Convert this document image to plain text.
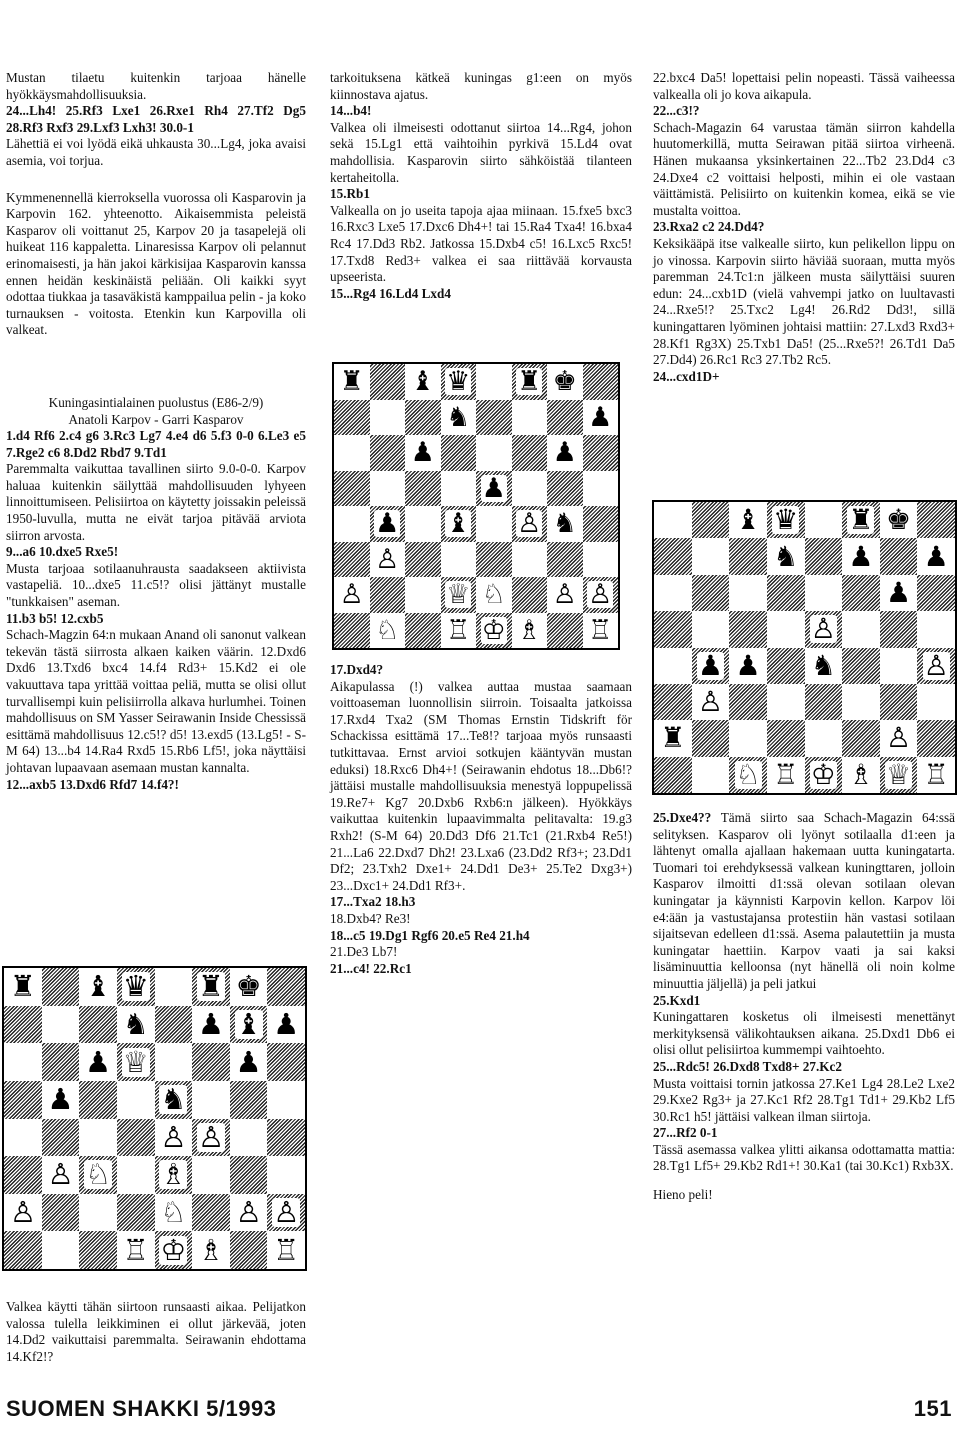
Mustan tilaetu kuitenkin tarjoaa hänelle hyökkäysmahdollisuuksia.

24...Lh4! 25.Rf3 Lxe1 26.Rxe1 Rh4 27.Tf2 Dg5 28.Rf3 Rxf3 29.Lxf3 Lxh3! 30.0-1

Lähettiä ei voi lyödä eikä uhkausta 30...Lg4, joka avaisi asemia, voi torjua.

Kymmenennellä kierroksella vuorossa oli Kasparovin ja Karpovin 162. yhteenotto. Aikaisemmista peleistä Kasparov oli voittanut 25, Karpov 20 ja tasapelejä oli huikeat 116 kappaletta. Linaresissa Karpov oli pelannut erinomaisesti, ja hän jakoi kärkisijaa Kasparovin kanssa ennen heidän keskinäistä peliään. Oli kaikki syyt odottaa tiukkaa ja tasaväkistä kamppailua pelin - ja koko turnauksen - voitosta. Etenkin kun Karpovilla oli valkeat.

Kuningasintialainen puolustus (E86-2/9)

Anatoli Karpov - Garri Kasparov

1.d4 Rf6 2.c4 g6 3.Rc3 Lg7 4.e4 d6 5.f3 0-0 6.Le3 e5 7.Rge2 c6 8.Dd2 Rbd7 9.Td1

Paremmalta vaikuttaa tavallinen siirto 9.0-0-0. Karpov haluaa kuitenkin säilyttää mahdollisuuden lyhyeen linnoittumiseen. Pelisiirtoa on käytetty joissakin peleissä 1950-luvulla, mutta ne eivät tarjoa pitävää arviota siirron arvosta.

9...a6 10.dxe5 Rxe5!

Musta tarjoaa sotilaanuhrausta saadakseen aktiivista vastapeliä. 10...dxe5 11.c5!? olisi jättänyt mustalle "tunkkaisen" aseman.

11.b3 b5! 12.cxb5

Schach-Magzin 64:n mukaan Anand oli sanonut valkean tekevän tästä siirrosta alkaen kaiken väärin. 12.Dxd6 Dxd6 13.Txd6 bxc4 14.f4 Rd3+ 15.Kd2 ei ole vakuuttava tapa yrittää voittaa peliä, mutta se olisi ollut turvallisempi kuin pelisiirrolla alkava hurlumhei. Toinen mahdollisuus on SM Yasser Seirawanin Inside Chessissä esittämä mahdollisuus 12.c5!? d5! 13.exd5 (13.Lg5! - S-M 64) 13...b4 14.Ra4 Rxd5 15.Rb6 Lf5!, joka näyttäisi johtavan lupaavaan asemaan mustan kannalta.

12...axb5 13.Dxd6 Rfd7 14.f4?!

Valkea käytti tähän siirtoon runsaasti aikaa. Pelijatkon valossa tulella leikkiminen ei ollut järkevää, joten 14.Dd2 vaikuttaisi paremmalta. Seirawanin ehdottama 14.Kf2!?

tarkoituksena kätkeä kuningas g1:een on myös kiinnostava ajatus.

14...b4!

Valkea oli ilmeisesti odottanut siirtoa 14...Rg4, johon sekä 15.Lg1 että vaihtoihin pyrkivä 15.Ld4 ovat mahdollisia. Kasparovin siirto sähköistää tilanteen kertaheitolla.

15.Rb1

Valkealla on jo useita tapoja ajaa miinaan. 15.fxe5 bxc3 16.Rxc3 Lxe5 17.Dxc6 Dh4+! tai 15.Ra4 Txa4! 16.bxa4 Rc4 17.Dd3 Rb2. Jatkossa 15.Dxb4 c5! 16.Lxc5 Rxc5! 17.Txd8 Red3+ valkea ei saa riittävää korvausta upseerista.

15...Rg4 16.Ld4 Lxd4

17.Dxd4?

Aikapulassa (!) valkea auttaa mustaa saamaan voittoaseman luonnollisin siirroin. Toisaalta jatkoissa 17.Rxd4 Txa2 (SM Thomas Ernstin Tidskrift för Schackissa esittämä 17...Te8!? tarjoaa myös runsaasti tutkittavaa. Ernst arvioi sotkujen kääntyvän mustan eduksi) 18.Rxc6 Dh4+! (Seirawanin ehdotus 18...Db6!? jättäisi mustalle mahdollisuuksia menestyä loppupelissä 19.Re7+ Kg7 20.Dxb6 Rxb6:n jälkeen). Hyökkäys vaikuttaa kuitenkin lupaavimmalta pelitavalta: 19.g3 Rxh2! (S-M 64) 20.Dd3 Df6 21.Tc1 (21.Rxb4 Re5!) 21...La6 22.Dxd7 Dh2! 23.Lxa6 (23.Dd2 Rf3+; 23.Dd1 Df2; 23.Txh2 Dxe1+ 24.Dd1 De3+ 25.Te2 Dxg3+) 23...Dxc1+ 24.Dd1 Rf3+.

17...Txa2 18.h3

18.Dxb4? Re3!

18...c5 19.Dg1 Rgf6 20.e5 Re4 21.h4

21.De3 Lb7!

21...c4! 22.Rc1

22.bxc4 Da5! lopettaisi pelin nopeasti. Tässä vaiheessa valkealla oli jo kova aikapula.

22...c3!?

Schach-Magazin 64 varustaa tämän siirron kahdella huutomerkillä, mutta Seirawan pitää siirtoa virheenä. Hänen mukaansa yksinkertainen 22...Tb2 23.Dd4 c3 24.Dxe4 c2 voittaisi helposti, mihin ei ole vastaan väittämistä. Pelisiirto on kuitenkin komea, eikä se vie mustalta voittoa.

23.Rxa2 c2 24.Dd4?

Keksikääpä itse valkealle siirto, kun pelikellon lippu on jo vinossa. Karpovin siirto häviää suoraan, mutta myös paremman 24.Tc1:n jälkeen musta säilyttäisi suuren edun: 24...cxb1D (vielä vahvempi jatko on luultavasti 24...Rxe5!? 25.Txc2 Lg4! 26.Rd2 Dd3!, sillä kuningattaren lyöminen johtaisi mattiin: 27.Lxd3 Rxd3+ 28.Kf1 Rg3X) 25.Txb1 Da5! (25...Rxe5?! 26.Td1 Da5 27.Dd4) 26.Rc1 Rc3 27.Tb2 Rc5.

24...cxd1D+

25.Dxe4?? Tämä siirto saa Schach-Magazin 64:ssä selityksen. Kasparov oli lyönyt sotilaalla d1:een ja lähtenyt omalla ajallaan hakemaan uutta kuningatarta. Tuomari toi erehdyksessä valkean kuningttaren, jolloin Kasparov ilmoitti d1:ssä olevan sotilaan olevan kuningatar ja käynnisti Karpovin kellon. Karpov löi e4:ään ja vastustajansa protestiin hän vastasi sotilaan sijaitsevan edelleen d1:ssä. Asema palautettiin ja musta kuningatar haettiin. Karpov vaati ja sai kaksi lisäminuuttia kelloonsa (nyt hänellä oli noin kolme minuuttia jäljellä) ja peli jatkui

25.Kxd1

Kuningattaren kosketus oli ilmeisesti menettänyt merkityksensä välikohtauksen aikana. 25.Dxd1 Db6 ei olisi ollut pelisiirtoa kummempi vaihtoehto.

25...Rdc5! 26.Dxd8 Txd8+ 27.Kc2

Musta voittaisi tornin jatkossa 27.Ke1 Lg4 28.Le2 Lxe2 29.Kxe2 Rg3+ ja 27.Kc1 Rf2 28.Tg1 Td1+ 29.Kb2 Lf5 30.Rc1 h5! jättäisi valkean ilman siirtoja.

27...Rf2 0-1

Tässä asemassa valkea ylitti aikansa odottamatta mattia: 28.Tg1 Lf5+ 29.Kb2 Rd1+! 30.Ka1 (tai 30.Kc1) Rxb3X.

Hieno peli!

♜ ♝ ♛ ♜ ♚
♞	♟
♟	♟
♟
♟ ♝ ♙ ♞
♙
♙	♕ ♘ ♙ ♙
♘ ♖ ♔ ♗ ♖
♜ ♝ ♛ ♜ ♚
♞ ♟ ♝ ♟
♟ ♕	♟
♟	♞
♙ ♙
♙ ♘ ♗
♙	♘ ♙ ♙
♖ ♔ ♗ ♖
♝ ♛ ♜ ♚
♞ ♟ ♟
♟
♙
♟ ♟ ♞	♙
♙
♜	♙
♘ ♖ ♔ ♗ ♕ ♖
SUOMEN SHAKKI 5/1993	151
